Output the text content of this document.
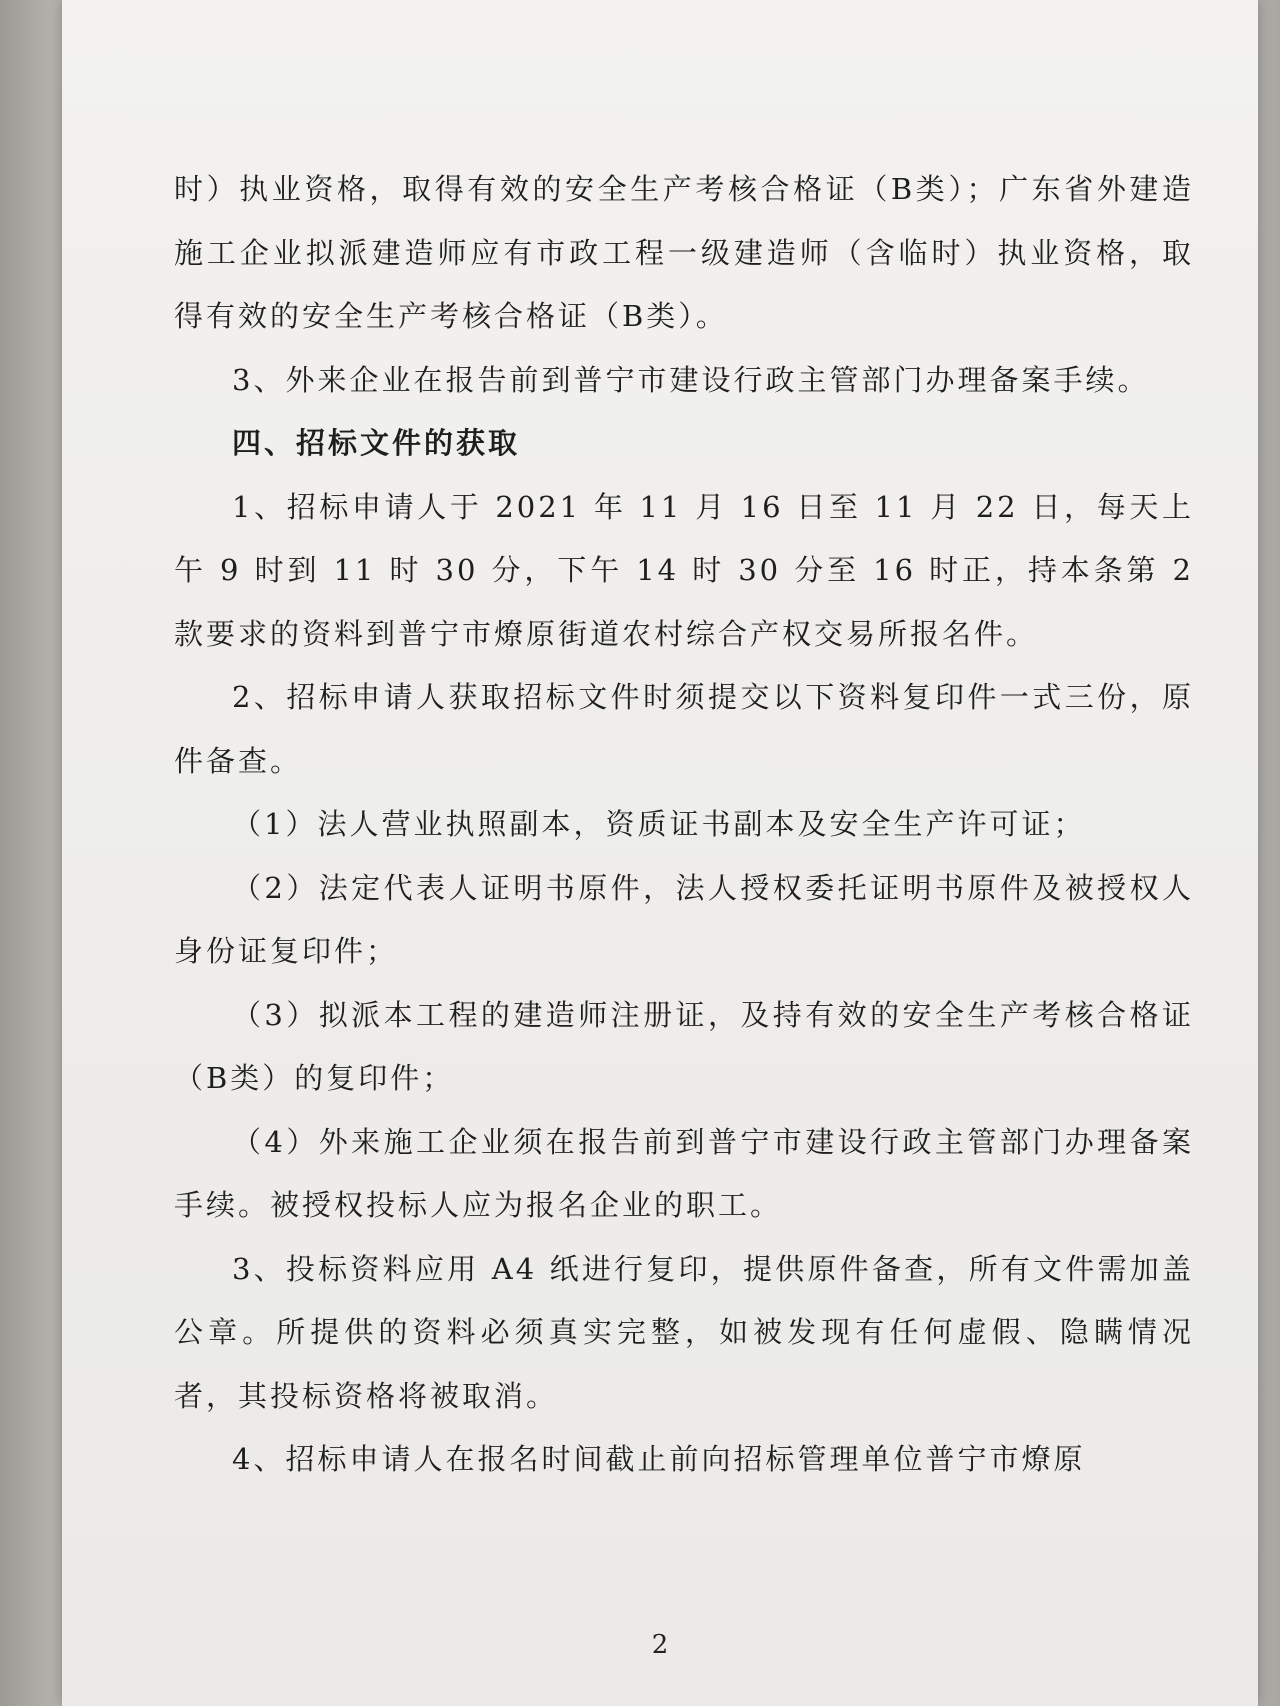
时）执业资格，取得有效的安全生产考核合格证（B类）；广东省外建造施工企业拟派建造师应有市政工程一级建造师（含临时）执业资格，取得有效的安全生产考核合格证（B类）。

3、外来企业在报告前到普宁市建设行政主管部门办理备案手续。

四、招标文件的获取

1、招标申请人于 2021 年 11 月 16 日至 11 月 22 日，每天上午 9 时到 11 时 30 分，下午 14 时 30 分至 16 时正，持本条第 2 款要求的资料到普宁市燎原街道农村综合产权交易所报名件。

2、招标申请人获取招标文件时须提交以下资料复印件一式三份，原件备查。

（1）法人营业执照副本，资质证书副本及安全生产许可证；

（2）法定代表人证明书原件，法人授权委托证明书原件及被授权人身份证复印件；

（3）拟派本工程的建造师注册证，及持有效的安全生产考核合格证（B类）的复印件；

（4）外来施工企业须在报告前到普宁市建设行政主管部门办理备案手续。被授权投标人应为报名企业的职工。

3、投标资料应用 A4 纸进行复印，提供原件备查，所有文件需加盖公章。所提供的资料必须真实完整，如被发现有任何虚假、隐瞒情况者，其投标资格将被取消。

4、招标申请人在报名时间截止前向招标管理单位普宁市燎原

2
